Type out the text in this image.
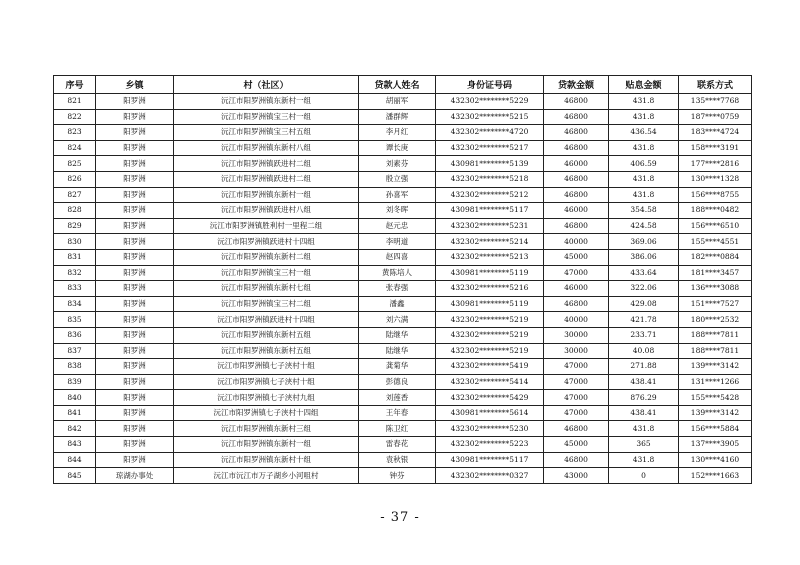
序号	乡镇	村（社区）	贷款人姓名	身份证号码	贷款金额	贴息金额	联系方式
821	阳罗洲	沅江市阳罗洲镇东新村一组	胡丽军	432302********5229	46800	431.8	135****7768
822	阳罗洲	沅江市阳罗洲镇宝三村一组	潘群辉	432302********5215	46800	431.8	187****0759
823	阳罗洲	沅江市阳罗洲镇宝三村五组	李月红	432302********4720	46800	436.54	183****4724
824	阳罗洲	沅江市阳罗洲镇东新村八组	谭长庚	432302********5217	46800	431.8	158****3191
825	阳罗洲	沅江市阳罗洲镇跃进村二组	刘素芬	430981********5139	46000	406.59	177****2816
826	阳罗洲	沅江市阳罗洲镇跃进村二组	殷立强	432302********5218	46800	431.8	130****1328
827	阳罗洲	沅江市阳罗洲镇东新村一组	孙喜军	432302********5212	46800	431.8	156****8755
828	阳罗洲	沅江市阳罗洲镇跃进村八组	刘冬晖	430981********5117	46000	354.58	188****0482
829	阳罗洲	沅江市阳罗洲镇胜利村一里程二组	赵元忠	432302********5231	46800	424.58	156****6510
830	阳罗洲	沅江市阳罗洲镇跃进村十四组	李明道	432302********5214	40000	369.06	155****4551
831	阳罗洲	沅江市阳罗洲镇东新村二组	赵四喜	432302********5213	45000	386.06	182****0884
832	阳罗洲	沅江市阳罗洲镇宝三村一组	黄陈培人	430981********5119	47000	433.64	181****3457
833	阳罗洲	沅江市阳罗洲镇东新村七组	张春强	432302********5216	46000	322.06	136****3088
834	阳罗洲	沅江市阳罗洲镇宝三村二组	潘鑫	430981********5119	46800	429.08	151****7527
835	阳罗洲	沅江市阳罗洲镇跃进村十四组	刘六满	432302********5219	40000	421.78	180****2532
836	阳罗洲	沅江市阳罗洲镇东新村五组	陆继华	432302********5219	30000	233.71	188****7811
837	阳罗洲	沅江市阳罗洲镇东新村五组	陆继华	432302********5219	30000	40.08	188****7811
838	阳罗洲	沅江市阳罗洲镇七子浃村十组	龚菊华	432302********5419	47000	271.88	139****3142
839	阳罗洲	沅江市阳罗洲镇七子浃村十组	彭德良	432302********5414	47000	438.41	131****1266
840	阳罗洲	沅江市阳罗洲镇七子浃村九组	刘莲香	432302********5429	47000	876.29	155****5428
841	阳罗洲	沅江市阳罗洲镇七子浃村十四组	王年春	430981********5614	47000	438.41	139****3142
842	阳罗洲	沅江市阳罗洲镇东新村三组	陈卫红	432302********5230	46800	431.8	156****5884
843	阳罗洲	沅江市阳罗洲镇东新村一组	雷春花	432302********5223	45000	365	137****3905
844	阳罗洲	沅江市阳罗洲镇东新村十组	袁秋银	430981********5117	46800	431.8	130****4160
845	琼湖办事处	沅江市沅江市万子湖乡小河咀村	钟芬	432302********0327	43000	0	152****1663
- 37 -
